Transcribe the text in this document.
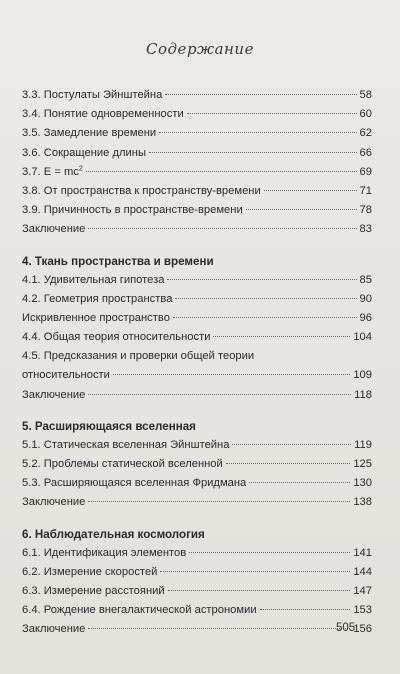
Содержание
3.3. Постулаты Эйнштейна	58
3.4. Понятие одновременности	60
3.5. Замедление времени	62
3.6. Сокращение длины	66
3.7. $E = mc^2$	69
3.8. От пространства к пространству-времени	71
3.9. Причинность в пространстве-времени	78
Заключение	83
4. Ткань пространства и времени
4.1. Удивительная гипотеза	85
4.2. Геометрия пространства	90
Искривленное пространство	96
4.4. Общая теория относительности	104
4.5. Предсказания и проверки общей теории
относительности	109
Заключение	118
5. Расширяющаяся вселенная
5.1. Статическая вселенная Эйнштейна	119
5.2. Проблемы статической вселенной	125
5.3. Расширяющаяся вселенная Фридмана	130
Заключение	138
6. Наблюдательная космология
6.1. Идентификация элементов	141
6.2. Измерение скоростей	144
6.3. Измерение расстояний	147
6.4. Рождение внегалактической астрономии	153
Заключение	156
505
